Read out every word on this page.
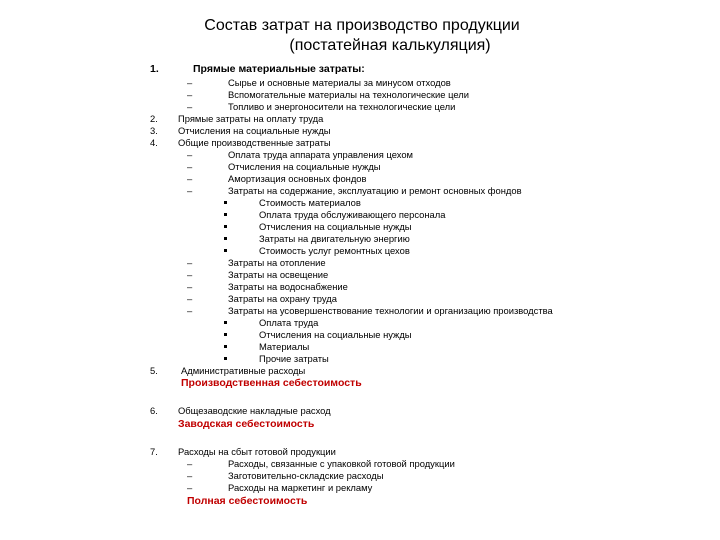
Состав затрат на производство продукции
(постатейная калькуляция)
1.	Прямые материальные затраты:
–	Сырье и основные материалы за минусом отходов
–	Вспомогательные материалы на технологические цели
–	Топливо и энергоносители на технологические цели
2. Прямые затраты на оплату труда
3. Отчисления на социальные нужды
4. Общие производственные затраты
–	Оплата труда аппарата управления цехом
–	Отчисления на социальные нужды
–	Амортизация основных фондов
–	Затраты на содержание, эксплуатацию и ремонт основных фондов
Стоимость материалов
Оплата труда обслуживающего персонала
Отчисления на социальные нужды
Затраты на двигательную энергию
Стоимость услуг ремонтных цехов
–	Затраты на отопление
–	Затраты на освещение
–	Затраты на водоснабжение
–	Затраты на охрану труда
–	Затраты на усовершенствование технологии и организацию производства
Оплата труда
Отчисления на социальные нужды
Материалы
Прочие затраты
5. Административные расходы
Производственная себестоимость
6. Общезаводские накладные расход
Заводская себестоимость
7. Расходы на сбыт готовой продукции
–	Расходы, связанные с упаковкой готовой продукции
–	Заготовительно-складские расходы
–	Расходы на маркетинг и рекламу
Полная себестоимость
